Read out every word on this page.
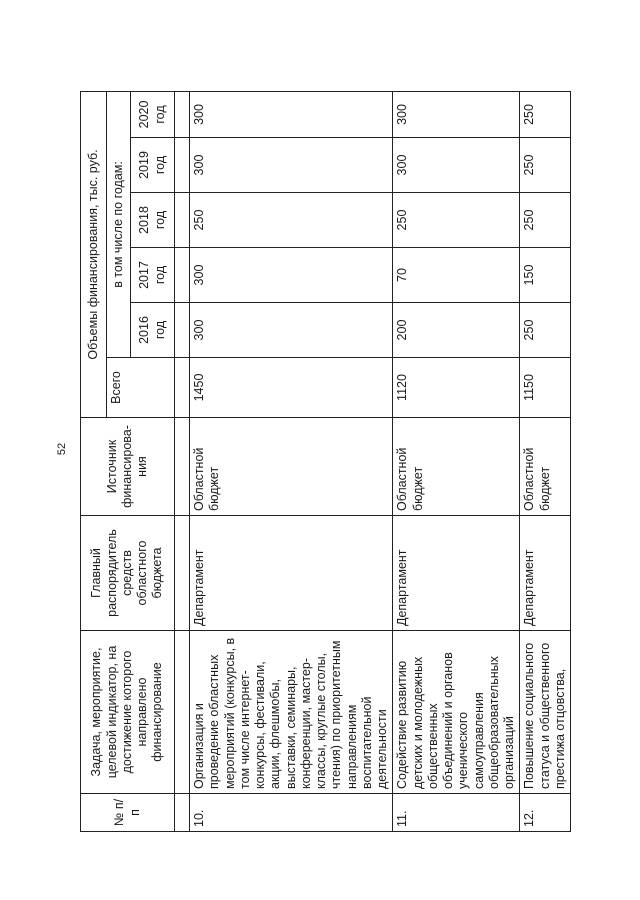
52
№ п/п	Задача, мероприятие, целевой индикатор, на достижение которого направлено финансирование	Главный распорядитель средств областного бюджета	Источник финансирова-ния	Объемы финансирования, тыс. руб.					
				Всего	в том числе по годам:				
					2016 год	2017 год	2018 год	2019 год	2020 год

10.	Организация и проведение областных мероприятий (конкурсы, в том числе интернет-конкурсы, фестивали, акции, флешмобы, выставки, семинары, конференции, мастер-классы, круглые столы, чтения) по приоритетным направлениям воспитательной деятельности	Департамент	Областной бюджет	1450	300	300	250	300	300
11.	Содействие развитию детских и молодежных общественных объединений и органов ученического самоуправления общеобразовательных организаций	Департамент	Областной бюджет	1120	200	70	250	300	300
12.	Повышение социального статуса и общественного престижа отцовства,	Департамент	Областной бюджет	1150	250	150	250	250	250
